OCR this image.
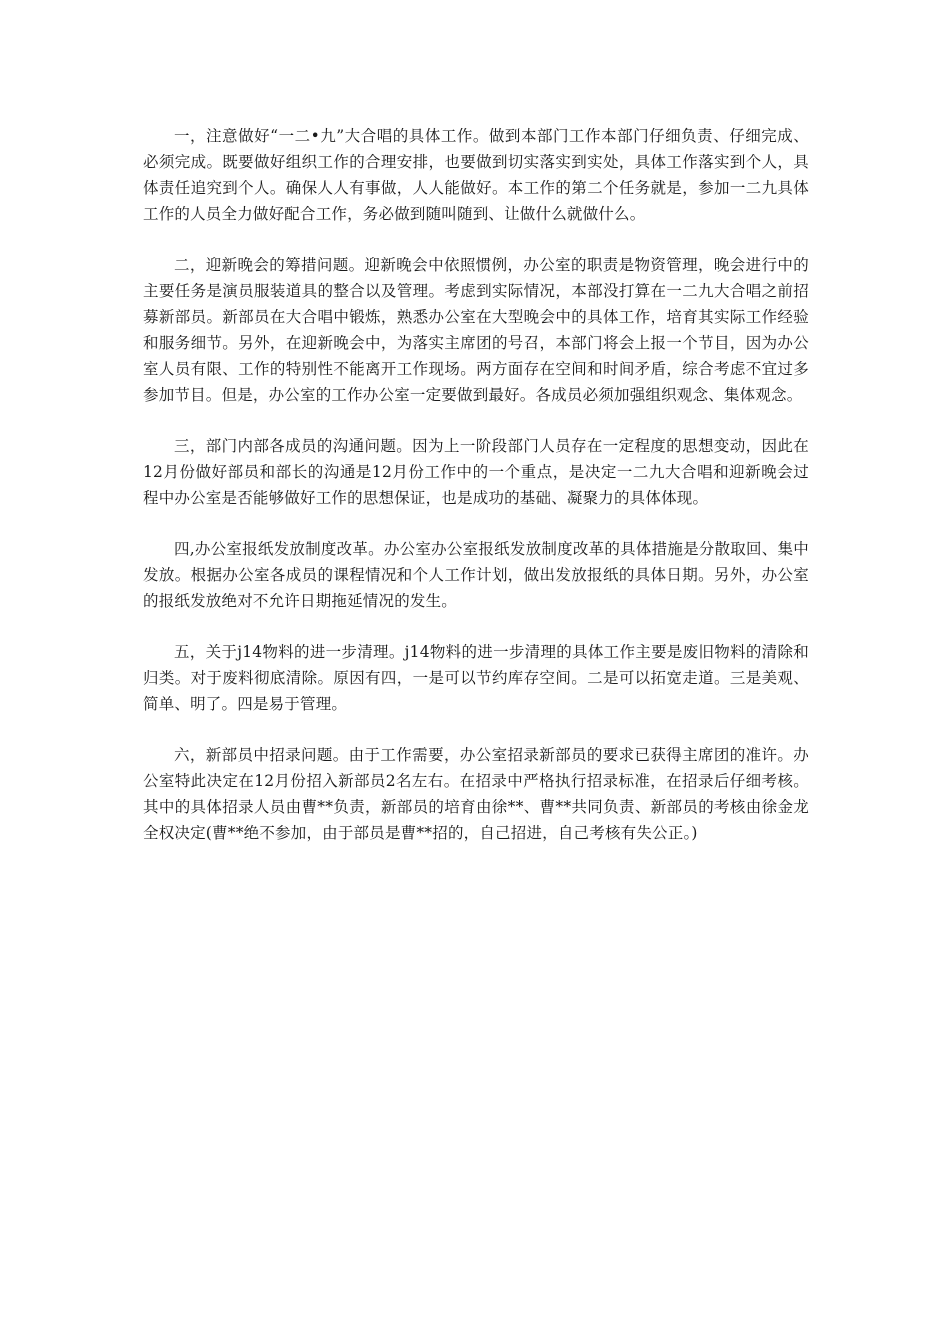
一，注意做好“一二•九”大合唱的具体工作。做到本部门工作本部门仔细负责、仔细完成、必须完成。既要做好组织工作的合理安排，也要做到切实落实到实处，具体工作落实到个人，具体责任追究到个人。确保人人有事做，人人能做好。本工作的第二个任务就是，参加一二九具体工作的人员全力做好配合工作，务必做到随叫随到、让做什么就做什么。

二，迎新晚会的筹措问题。迎新晚会中依照惯例，办公室的职责是物资管理，晚会进行中的主要任务是演员服装道具的整合以及管理。考虑到实际情况，本部没打算在一二九大合唱之前招募新部员。新部员在大合唱中锻炼，熟悉办公室在大型晚会中的具体工作，培育其实际工作经验和服务细节。另外，在迎新晚会中，为落实主席团的号召，本部门将会上报一个节目，因为办公室人员有限、工作的特别性不能离开工作现场。两方面存在空间和时间矛盾，综合考虑不宜过多参加节目。但是，办公室的工作办公室一定要做到最好。各成员必须加强组织观念、集体观念。

三，部门内部各成员的沟通问题。因为上一阶段部门人员存在一定程度的思想变动，因此在12月份做好部员和部长的沟通是12月份工作中的一个重点，是决定一二九大合唱和迎新晚会过程中办公室是否能够做好工作的思想保证，也是成功的基础、凝聚力的具体体现。

四,办公室报纸发放制度改革。办公室办公室报纸发放制度改革的具体措施是分散取回、集中发放。根据办公室各成员的课程情况和个人工作计划，做出发放报纸的具体日期。另外，办公室的报纸发放绝对不允许日期拖延情况的发生。

五，关于j14物料的进一步清理。j14物料的进一步清理的具体工作主要是废旧物料的清除和归类。对于废料彻底清除。原因有四，一是可以节约库存空间。二是可以拓宽走道。三是美观、简单、明了。四是易于管理。

六，新部员中招录问题。由于工作需要，办公室招录新部员的要求已获得主席团的准许。办公室特此决定在12月份招入新部员2名左右。在招录中严格执行招录标准，在招录后仔细考核。其中的具体招录人员由曹**负责，新部员的培育由徐**、曹**共同负责、新部员的考核由徐金龙全权决定(曹**绝不参加，由于部员是曹**招的，自己招进，自己考核有失公正。)
